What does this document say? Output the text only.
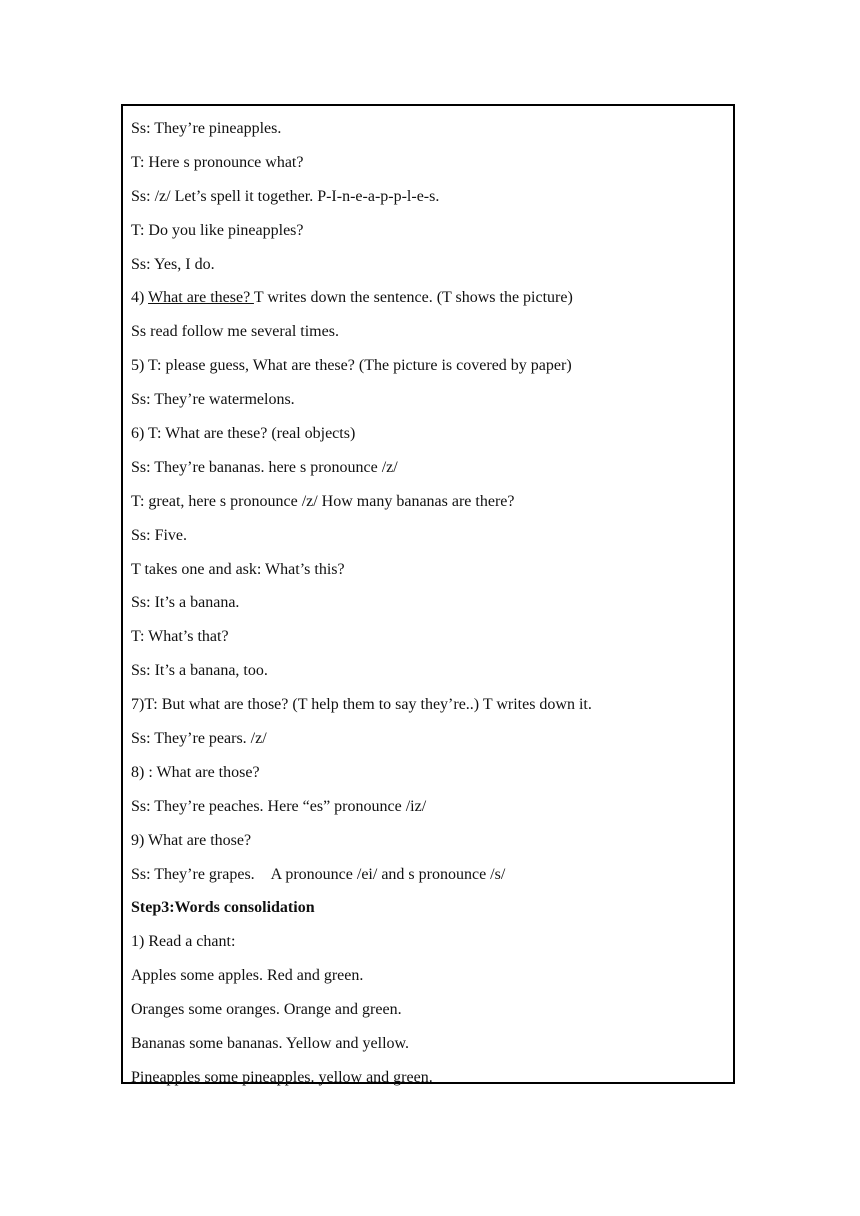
Ss: They’re pineapples.
T: Here s pronounce what?
Ss: /z/ Let’s spell it together. P-I-n-e-a-p-p-l-e-s.
T: Do you like pineapples?
Ss: Yes, I do.
4) What are these? T writes down the sentence. (T shows the picture)
Ss read follow me several times.
5) T: please guess, What are these? (The picture is covered by paper)
Ss: They’re watermelons.
6) T: What are these? (real objects)
Ss: They’re bananas. here s pronounce /z/
T: great, here s pronounce /z/ How many bananas are there?
Ss: Five.
T takes one and ask: What’s this?
Ss: It’s a banana.
T: What’s that?
Ss: It’s a banana, too.
7)T: But what are those? (T help them to say they’re..) T writes down it.
Ss: They’re pears. /z/
8) : What are those?
Ss: They’re peaches. Here “es” pronounce /iz/
9) What are those?
Ss: They’re grapes.    A pronounce /ei/ and s pronounce /s/
Step3:Words consolidation
1) Read a chant:
Apples some apples. Red and green.
Oranges some oranges. Orange and green.
Bananas some bananas. Yellow and yellow.
Pineapples some pineapples. yellow and green.
